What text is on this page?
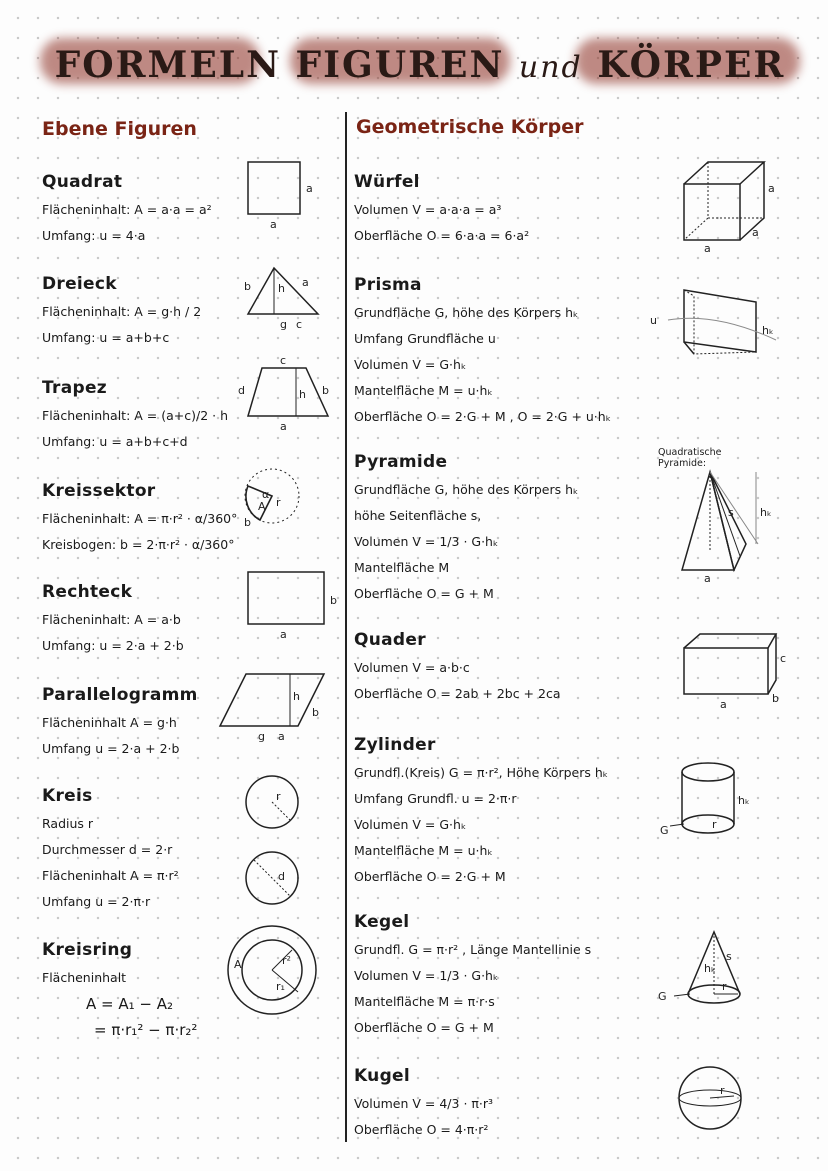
FORMELN FIGUREN und KÖRPER
Ebene Figuren
Quadrat
Flächeninhalt: A = a·a = a²
Umfang: u = 4·a
a
a
Dreieck
Flächeninhalt: A = g·h / 2
Umfang: u = a+b+c
b	a
h
g c
Trapez
Flächeninhalt: A = (a+c)/2 · h
Umfang: u = a+b+c+d
c
d	b
h
a
Kreissektor
Flächeninhalt: A = π·r² · α/360°
Kreisbogen: b = 2·π·r² · α/360°
A r
α
b
Rechteck
Flächeninhalt: A = a·b
Umfang: u = 2·a + 2·b
b
a
Parallelogramm
Flächeninhalt A = g·h
Umfang u = 2·a + 2·b
h
b
g a
Kreis
Radius r
Durchmesser d = 2·r
Flächeninhalt A = π·r²
Umfang u = 2·π·r
r
d
Kreisring
Flächeninhalt
A = A₁ − A₂
= π·r₁² − π·r₂²
A	r²
r₁
Geometrische Körper
Würfel
Volumen V = a·a·a = a³
Oberfläche O = 6·a·a = 6·a²
a
a
a
Prisma
Grundfläche G, höhe des Körpers hₖ
Umfang Grundfläche u
Volumen V = G·hₖ
Mantelfläche M = u·hₖ
Oberfläche O = 2·G + M , O = 2·G + u·hₖ
u
hₖ
Pyramide
Grundfläche G, höhe des Körpers hₖ
höhe Seitenfläche s,
Volumen V = 1/3 · G·hₖ
Mantelfläche M
Oberfläche O = G + M
Quadratische Pyramide:
s hₖ
a
Quader
Volumen V = a·b·c
Oberfläche O = 2ab + 2bc + 2ca
c
b
a
Zylinder
Grundfl.(Kreis) G = π·r², Höhe Körpers hₖ
Umfang Grundfl. u = 2·π·r
Volumen V = G·hₖ
Mantelfläche M = u·hₖ
Oberfläche O = 2·G + M
G	r
hₖ
Kegel
Grundfl. G = π·r² , Länge Mantellinie s
Volumen V = 1/3 · G·hₖ
Mantelfläche M = π·r·s
Oberfläche O = G + M
G
s
hₖ
r
Kugel
Volumen V = 4/3 · π·r³
Oberfläche O = 4·π·r²
r
